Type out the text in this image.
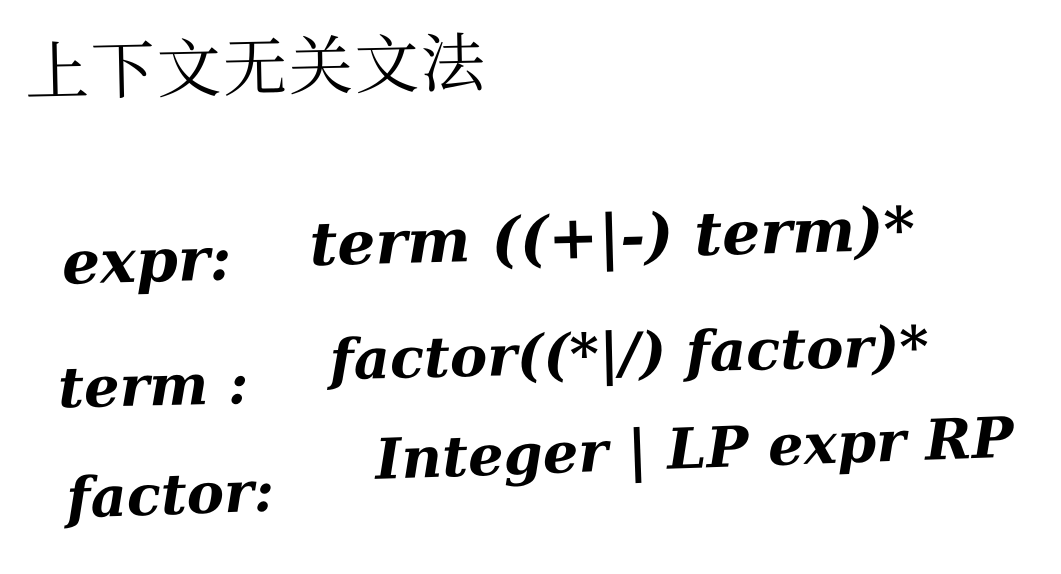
上下文无关文法
expr: term ((+|-) term)*
term : factor((*|/) factor)*
factor:
Integer | LP expr RP
